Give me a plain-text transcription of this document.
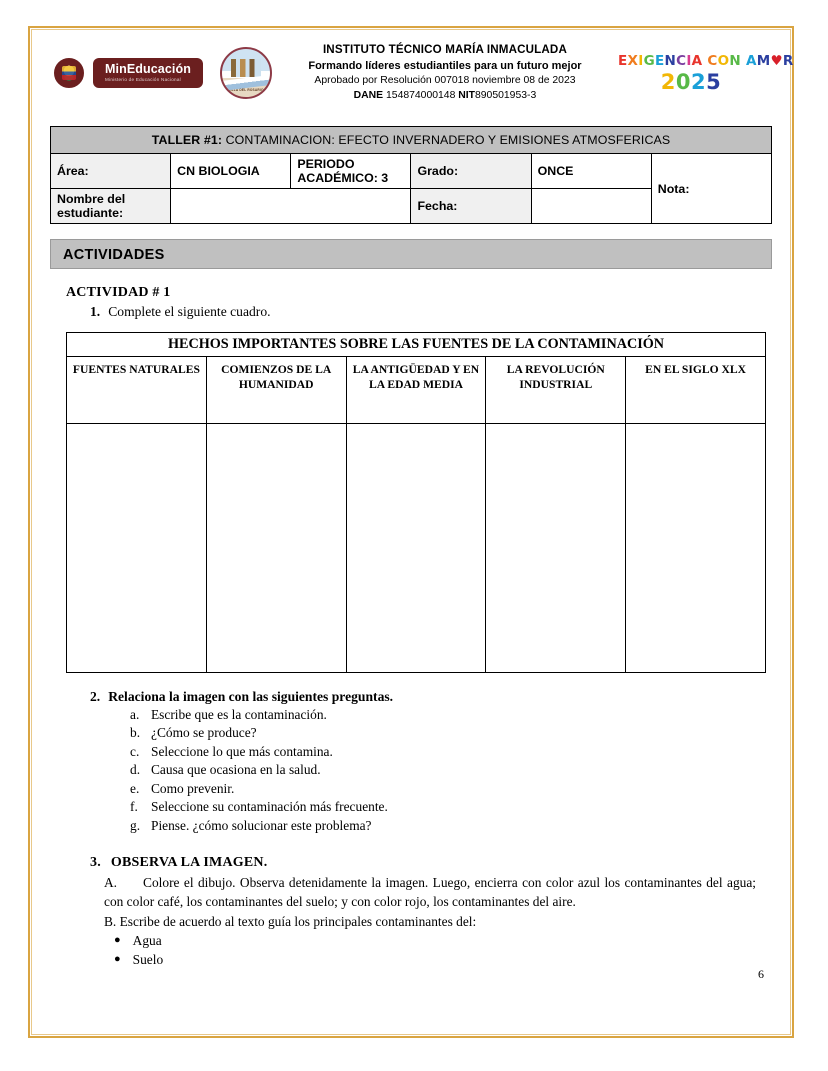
MinEducación
Ministerio de Educación Nacional
VILLA DEL ROSARIO
INSTITUTO TÉCNICO MARÍA INMACULADA
Formando líderes estudiantiles para un futuro mejor
Aprobado por Resolución 007018 noviembre 08 de 2023
DANE 154874000148 NIT890501953-3
EXIGENCIA CON AM♥R
2025
TALLER #1: CONTAMINACION: EFECTO INVERNADERO Y EMISIONES ATMOSFERICAS					
Área:	CN BIOLOGIA	PERIODO ACADÉMICO: 3	Grado:	ONCE	Nota:
Nombre del estudiante:			Fecha:		
ACTIVIDADES
ACTIVIDAD # 1
1. Complete el siguiente cuadro.
HECHOS IMPORTANTES SOBRE LAS FUENTES DE LA CONTAMINACIÓN				
FUENTES NATURALES	COMIENZOS DE LA HUMANIDAD	LA ANTIGÜEDAD Y EN LA EDAD MEDIA	LA REVOLUCIÓN INDUSTRIAL	EN EL SIGLO XLX

2. Relaciona la imagen con las siguientes preguntas.
a. Escribe que es la contaminación.
b. ¿Cómo se produce?
c. Seleccione lo que más contamina.
d. Causa que ocasiona en la salud.
e. Como prevenir.
f. Seleccione su contaminación más frecuente.
g. Piense. ¿cómo solucionar este problema?
3. OBSERVA LA IMAGEN.
A. Colore el dibujo. Observa detenidamente la imagen. Luego, encierra con color azul los contaminantes del agua; con color café, los contaminantes del suelo; y con color rojo, los contaminantes del aire.
B. Escribe de acuerdo al texto guía los principales contaminantes del:
● Agua
● Suelo
6
